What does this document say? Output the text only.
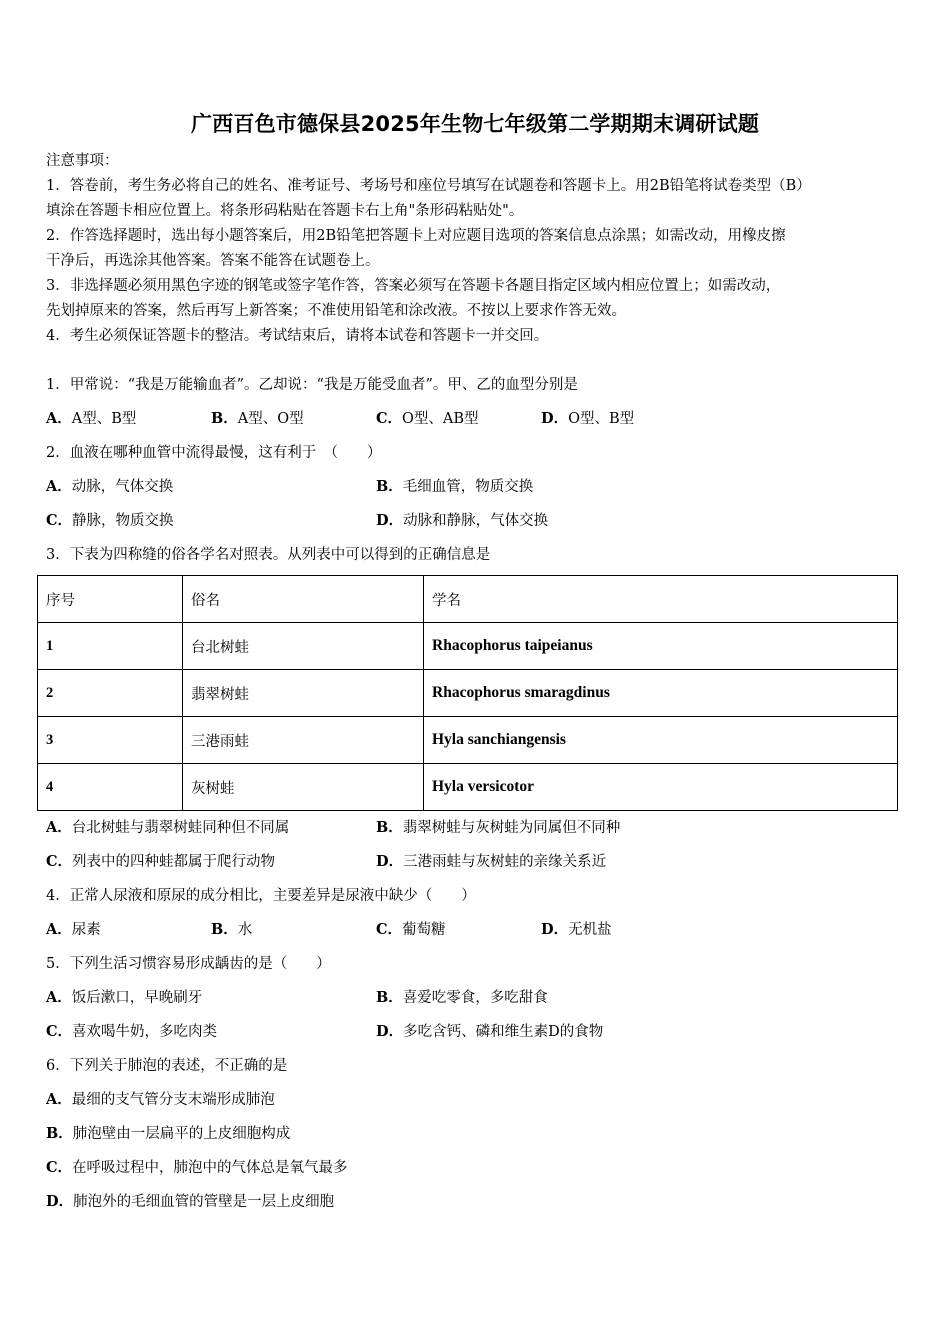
广西百色市德保县2025年生物七年级第二学期期末调研试题
注意事项：
1．答卷前，考生务必将自己的姓名、准考证号、考场号和座位号填写在试题卷和答题卡上。用2B铅笔将试卷类型（B）
填涂在答题卡相应位置上。将条形码粘贴在答题卡右上角"条形码粘贴处"。
2．作答选择题时，选出每小题答案后，用2B铅笔把答题卡上对应题目选项的答案信息点涂黑；如需改动，用橡皮擦
干净后，再选涂其他答案。答案不能答在试题卷上。
3．非选择题必须用黑色字迹的钢笔或签字笔作答，答案必须写在答题卡各题目指定区域内相应位置上；如需改动，
先划掉原来的答案，然后再写上新答案；不准使用铅笔和涂改液。不按以上要求作答无效。
4．考生必须保证答题卡的整洁。考试结束后，请将本试卷和答题卡一并交回。
1．甲常说：“我是万能输血者”。乙却说：“我是万能受血者”。甲、乙的血型分别是
A．A型、B型	B．A型、O型	C．O型、AB型	D．O型、B型
2．血液在哪种血管中流得最慢，这有利于　（　　）
A．动脉，气体交换	B．毛细血管，物质交换
C．静脉，物质交换	D．动脉和静脉，气体交换
3．下表为四称缝的俗各学名对照表。从列表中可以得到的正确信息是
序号	俗名	学名
1	台北树蛙	Rhacophorus taipeianus
2	翡翠树蛙	Rhacophorus smaragdinus
3	三港雨蛙	Hyla sanchiangensis
4	灰树蛙	Hyla versicotor
A．台北树蛙与翡翠树蛙同种但不同属	B．翡翠树蛙与灰树蛙为同属但不同种
C．列表中的四种蛙都属于爬行动物	D．三港雨蛙与灰树蛙的亲缘关系近
4．正常人尿液和原尿的成分相比，主要差异是尿液中缺少（　　）
A．尿素	B．水	C．葡萄糖	D．无机盐
5．下列生活习惯容易形成龋齿的是（　　）
A．饭后漱口，早晚刷牙	B．喜爱吃零食，多吃甜食
C．喜欢喝牛奶，多吃肉类	D．多吃含钙、磷和维生素D的食物
6．下列关于肺泡的表述，不正确的是
A．最细的支气管分支末端形成肺泡
B．肺泡壁由一层扁平的上皮细胞构成
C．在呼吸过程中，肺泡中的气体总是氧气最多
D．肺泡外的毛细血管的管壁是一层上皮细胞
